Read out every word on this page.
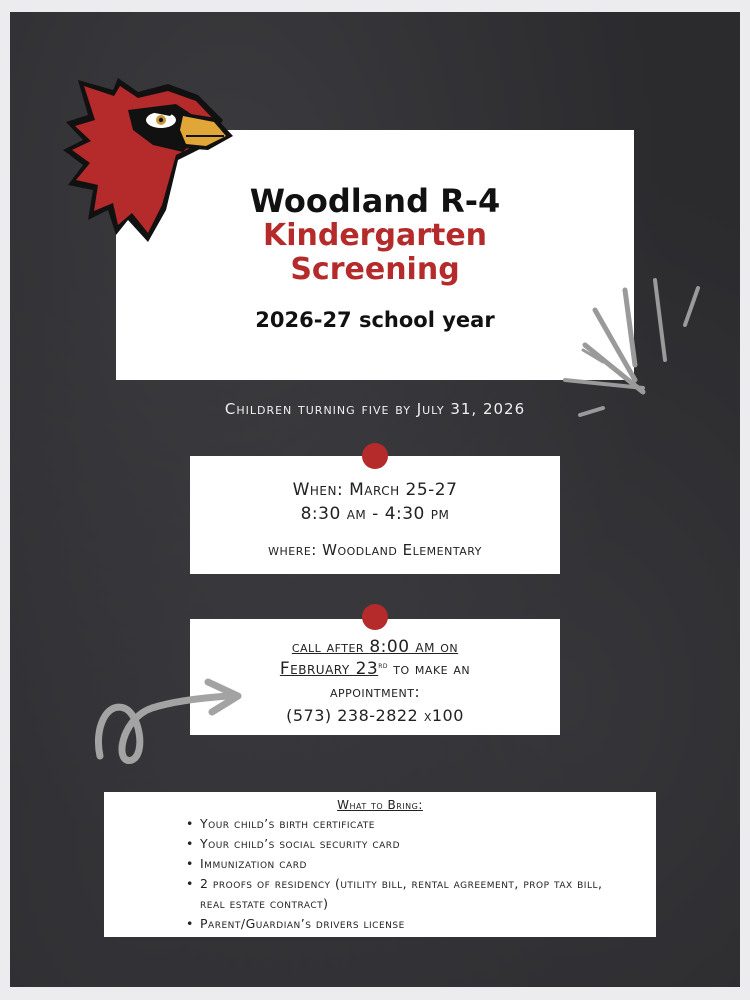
Woodland R-4
Kindergarten
Screening
2026-27 school year
Children turning five by July 31, 2026
When: March 25-27
8:30 am - 4:30 pm
where: Woodland Elementary
call after 8:00 am on
February 23rd to make an
appointment:
(573) 238-2822 x100
What to Bring:
• Your child’s birth certificate
• Your child’s social security card
• Immunization card
• 2 proofs of residency (utility bill, rental agreement, prop tax bill, real estate contract)
• Parent/Guardian’s drivers license
